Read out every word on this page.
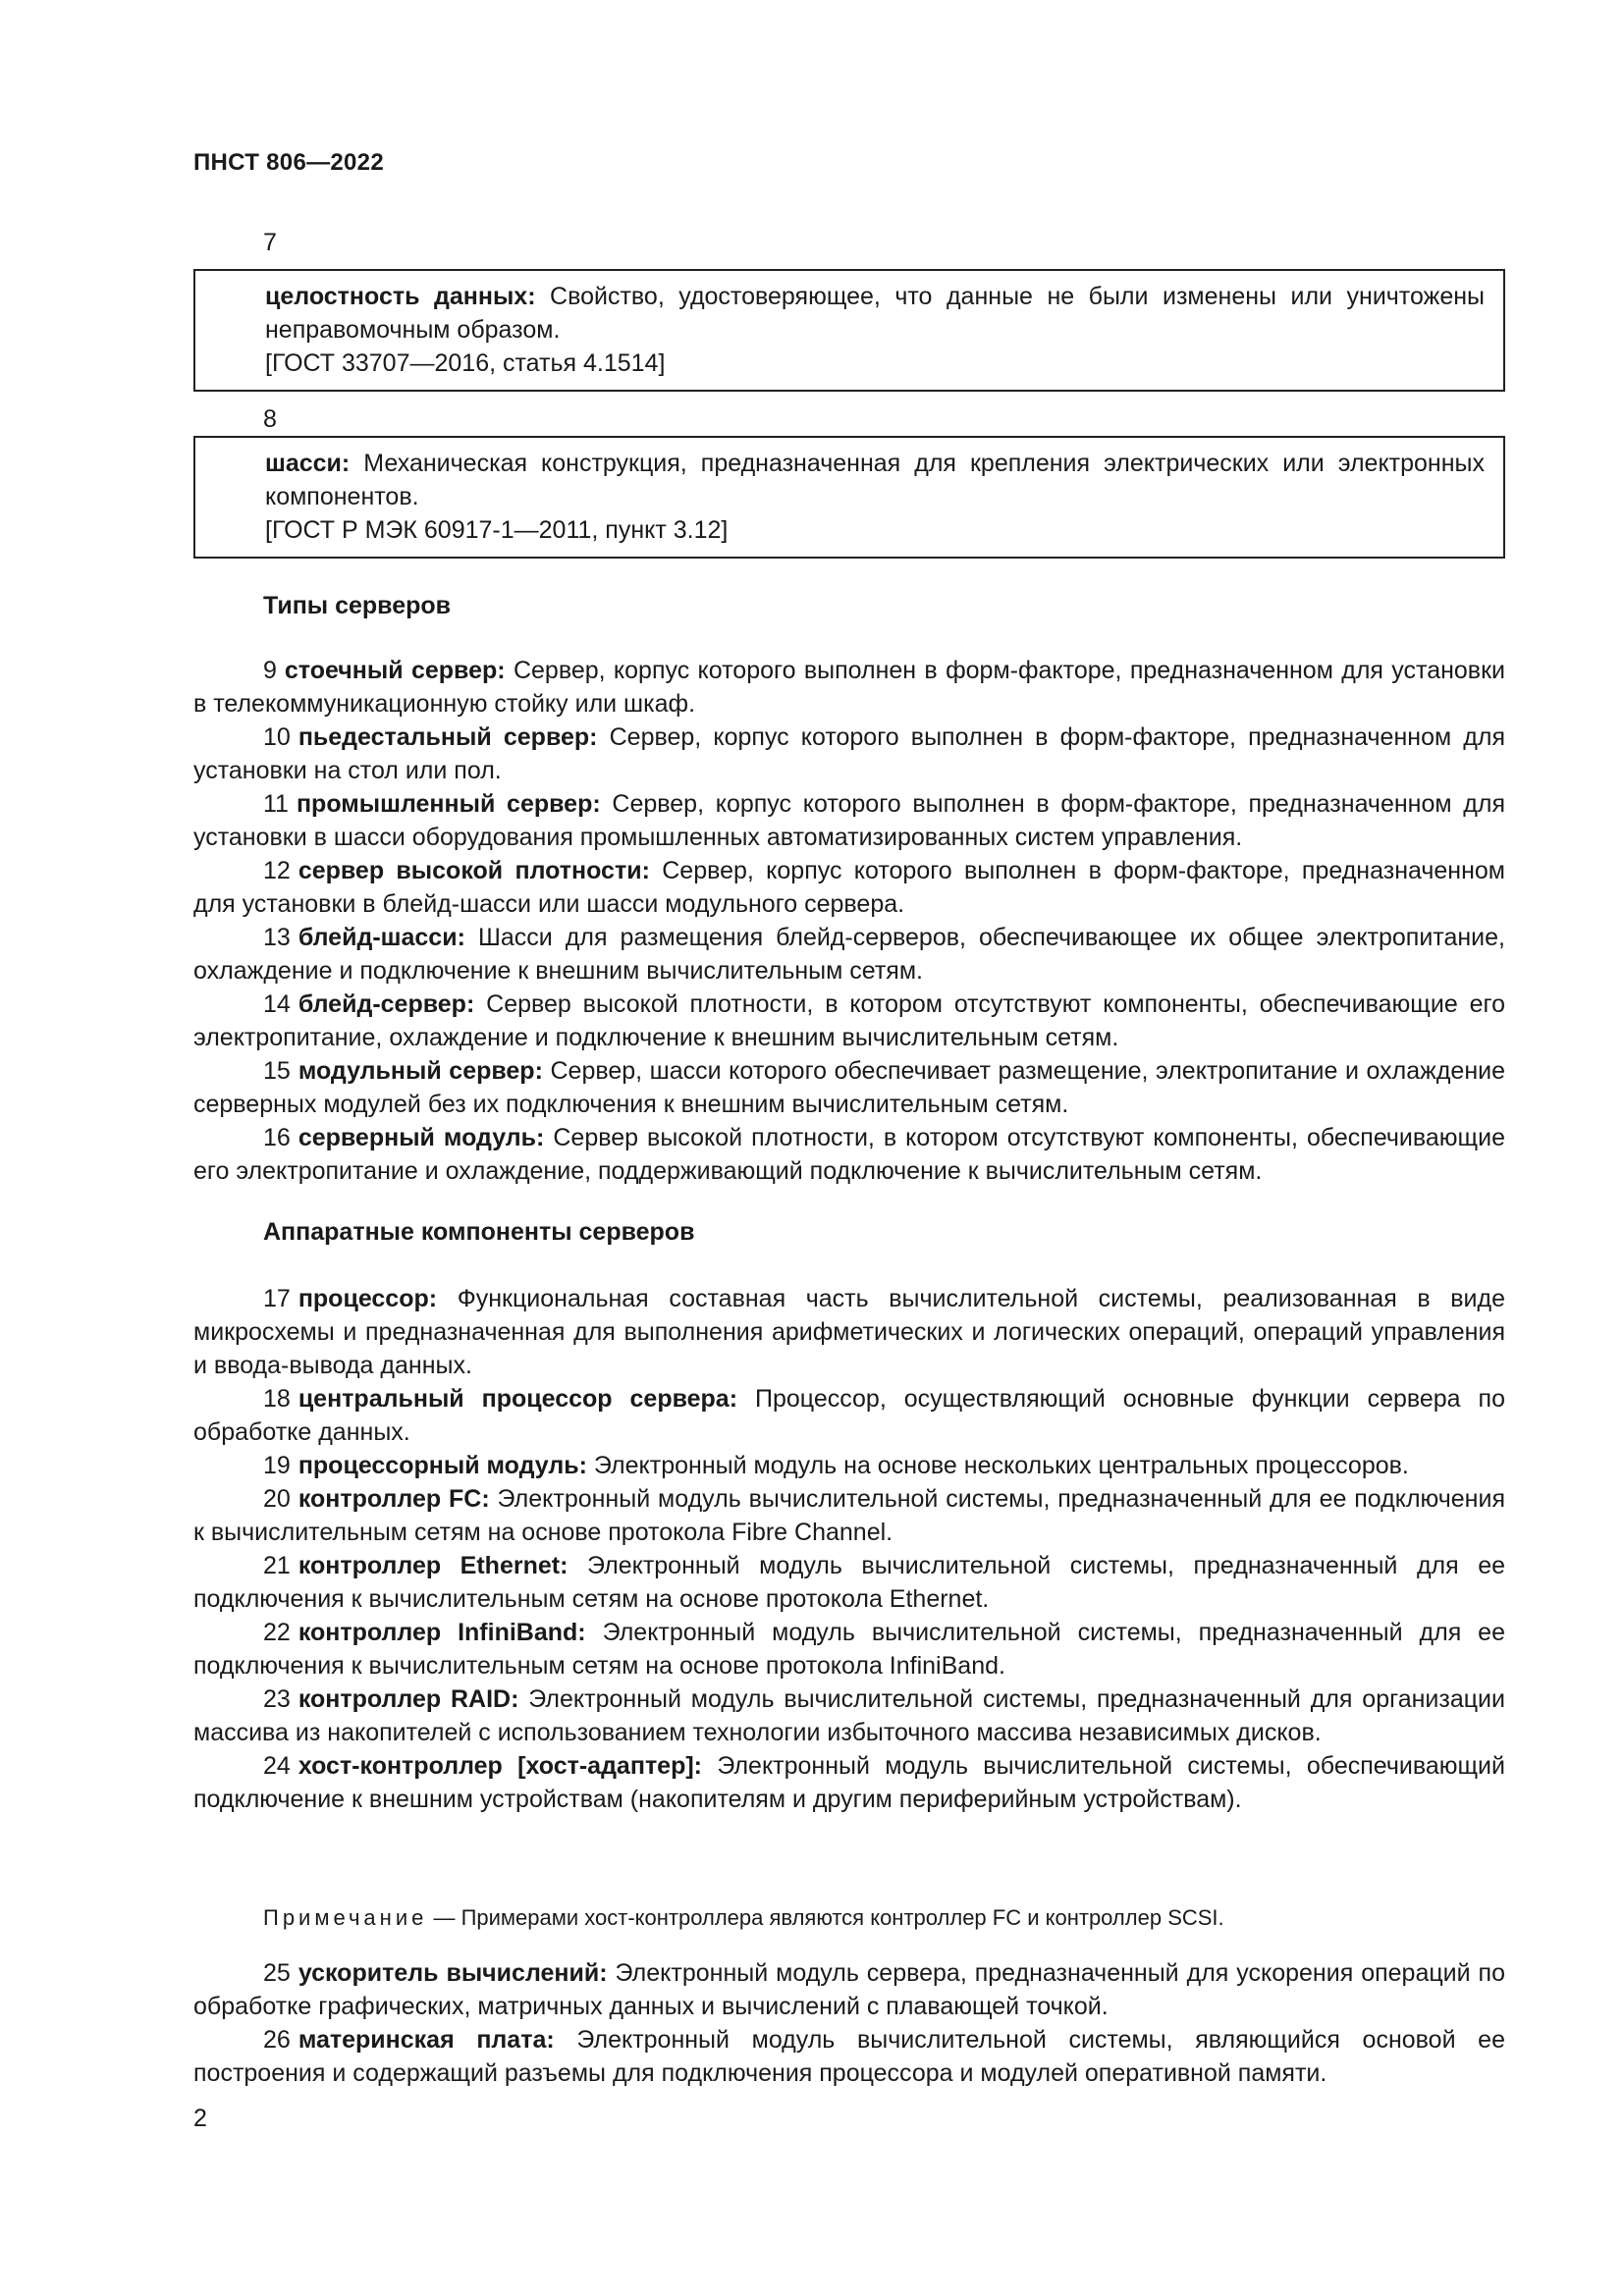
ПНСТ 806—2022
7

целостность данных: Свойство, удостоверяющее, что данные не были изменены или уничтожены неправомочным образом.

[ГОСТ 33707—2016, статья 4.1514]

8

шасси: Механическая конструкция, предназначенная для крепления электрических или электронных компонентов.

[ГОСТ Р МЭК 60917-1—2011, пункт 3.12]

Типы серверов

9 стоечный сервер: Сервер, корпус которого выполнен в форм-факторе, предназначенном для установки в телекоммуникационную стойку или шкаф.

10 пьедестальный сервер: Сервер, корпус которого выполнен в форм-факторе, предназначенном для установки на стол или пол.

11 промышленный сервер: Сервер, корпус которого выполнен в форм-факторе, предназначенном для установки в шасси оборудования промышленных автоматизированных систем управления.

12 сервер высокой плотности: Сервер, корпус которого выполнен в форм-факторе, предназначенном для установки в блейд-шасси или шасси модульного сервера.

13 блейд-шасси: Шасси для размещения блейд-серверов, обеспечивающее их общее электропитание, охлаждение и подключение к внешним вычислительным сетям.

14 блейд-сервер: Сервер высокой плотности, в котором отсутствуют компоненты, обеспечивающие его электропитание, охлаждение и подключение к внешним вычислительным сетям.

15 модульный сервер: Сервер, шасси которого обеспечивает размещение, электропитание и охлаждение серверных модулей без их подключения к внешним вычислительным сетям.

16 серверный модуль: Сервер высокой плотности, в котором отсутствуют компоненты, обеспечивающие его электропитание и охлаждение, поддерживающий подключение к вычислительным сетям.

Аппаратные компоненты серверов

17 процессор: Функциональная составная часть вычислительной системы, реализованная в виде микросхемы и предназначенная для выполнения арифметических и логических операций, операций управления и ввода-вывода данных.

18 центральный процессор сервера: Процессор, осуществляющий основные функции сервера по обработке данных.

19 процессорный модуль: Электронный модуль на основе нескольких центральных процессоров.

20 контроллер FC: Электронный модуль вычислительной системы, предназначенный для ее подключения к вычислительным сетям на основе протокола Fibre Channel.

21 контроллер Ethernet: Электронный модуль вычислительной системы, предназначенный для ее подключения к вычислительным сетям на основе протокола Ethernet.

22 контроллер InfiniBand: Электронный модуль вычислительной системы, предназначенный для ее подключения к вычислительным сетям на основе протокола InfiniBand.

23 контроллер RAID: Электронный модуль вычислительной системы, предназначенный для организации массива из накопителей с использованием технологии избыточного массива независимых дисков.

24 хост-контроллер [хост-адаптер]: Электронный модуль вычислительной системы, обеспечивающий подключение к внешним устройствам (накопителям и другим периферийным устройствам).

Примечание — Примерами хост-контроллера являются контроллер FC и контроллер SCSI.

25 ускоритель вычислений: Электронный модуль сервера, предназначенный для ускорения операций по обработке графических, матричных данных и вычислений с плавающей точкой.

26 материнская плата: Электронный модуль вычислительной системы, являющийся основой ее построения и содержащий разъемы для подключения процессора и модулей оперативной памяти.

2
